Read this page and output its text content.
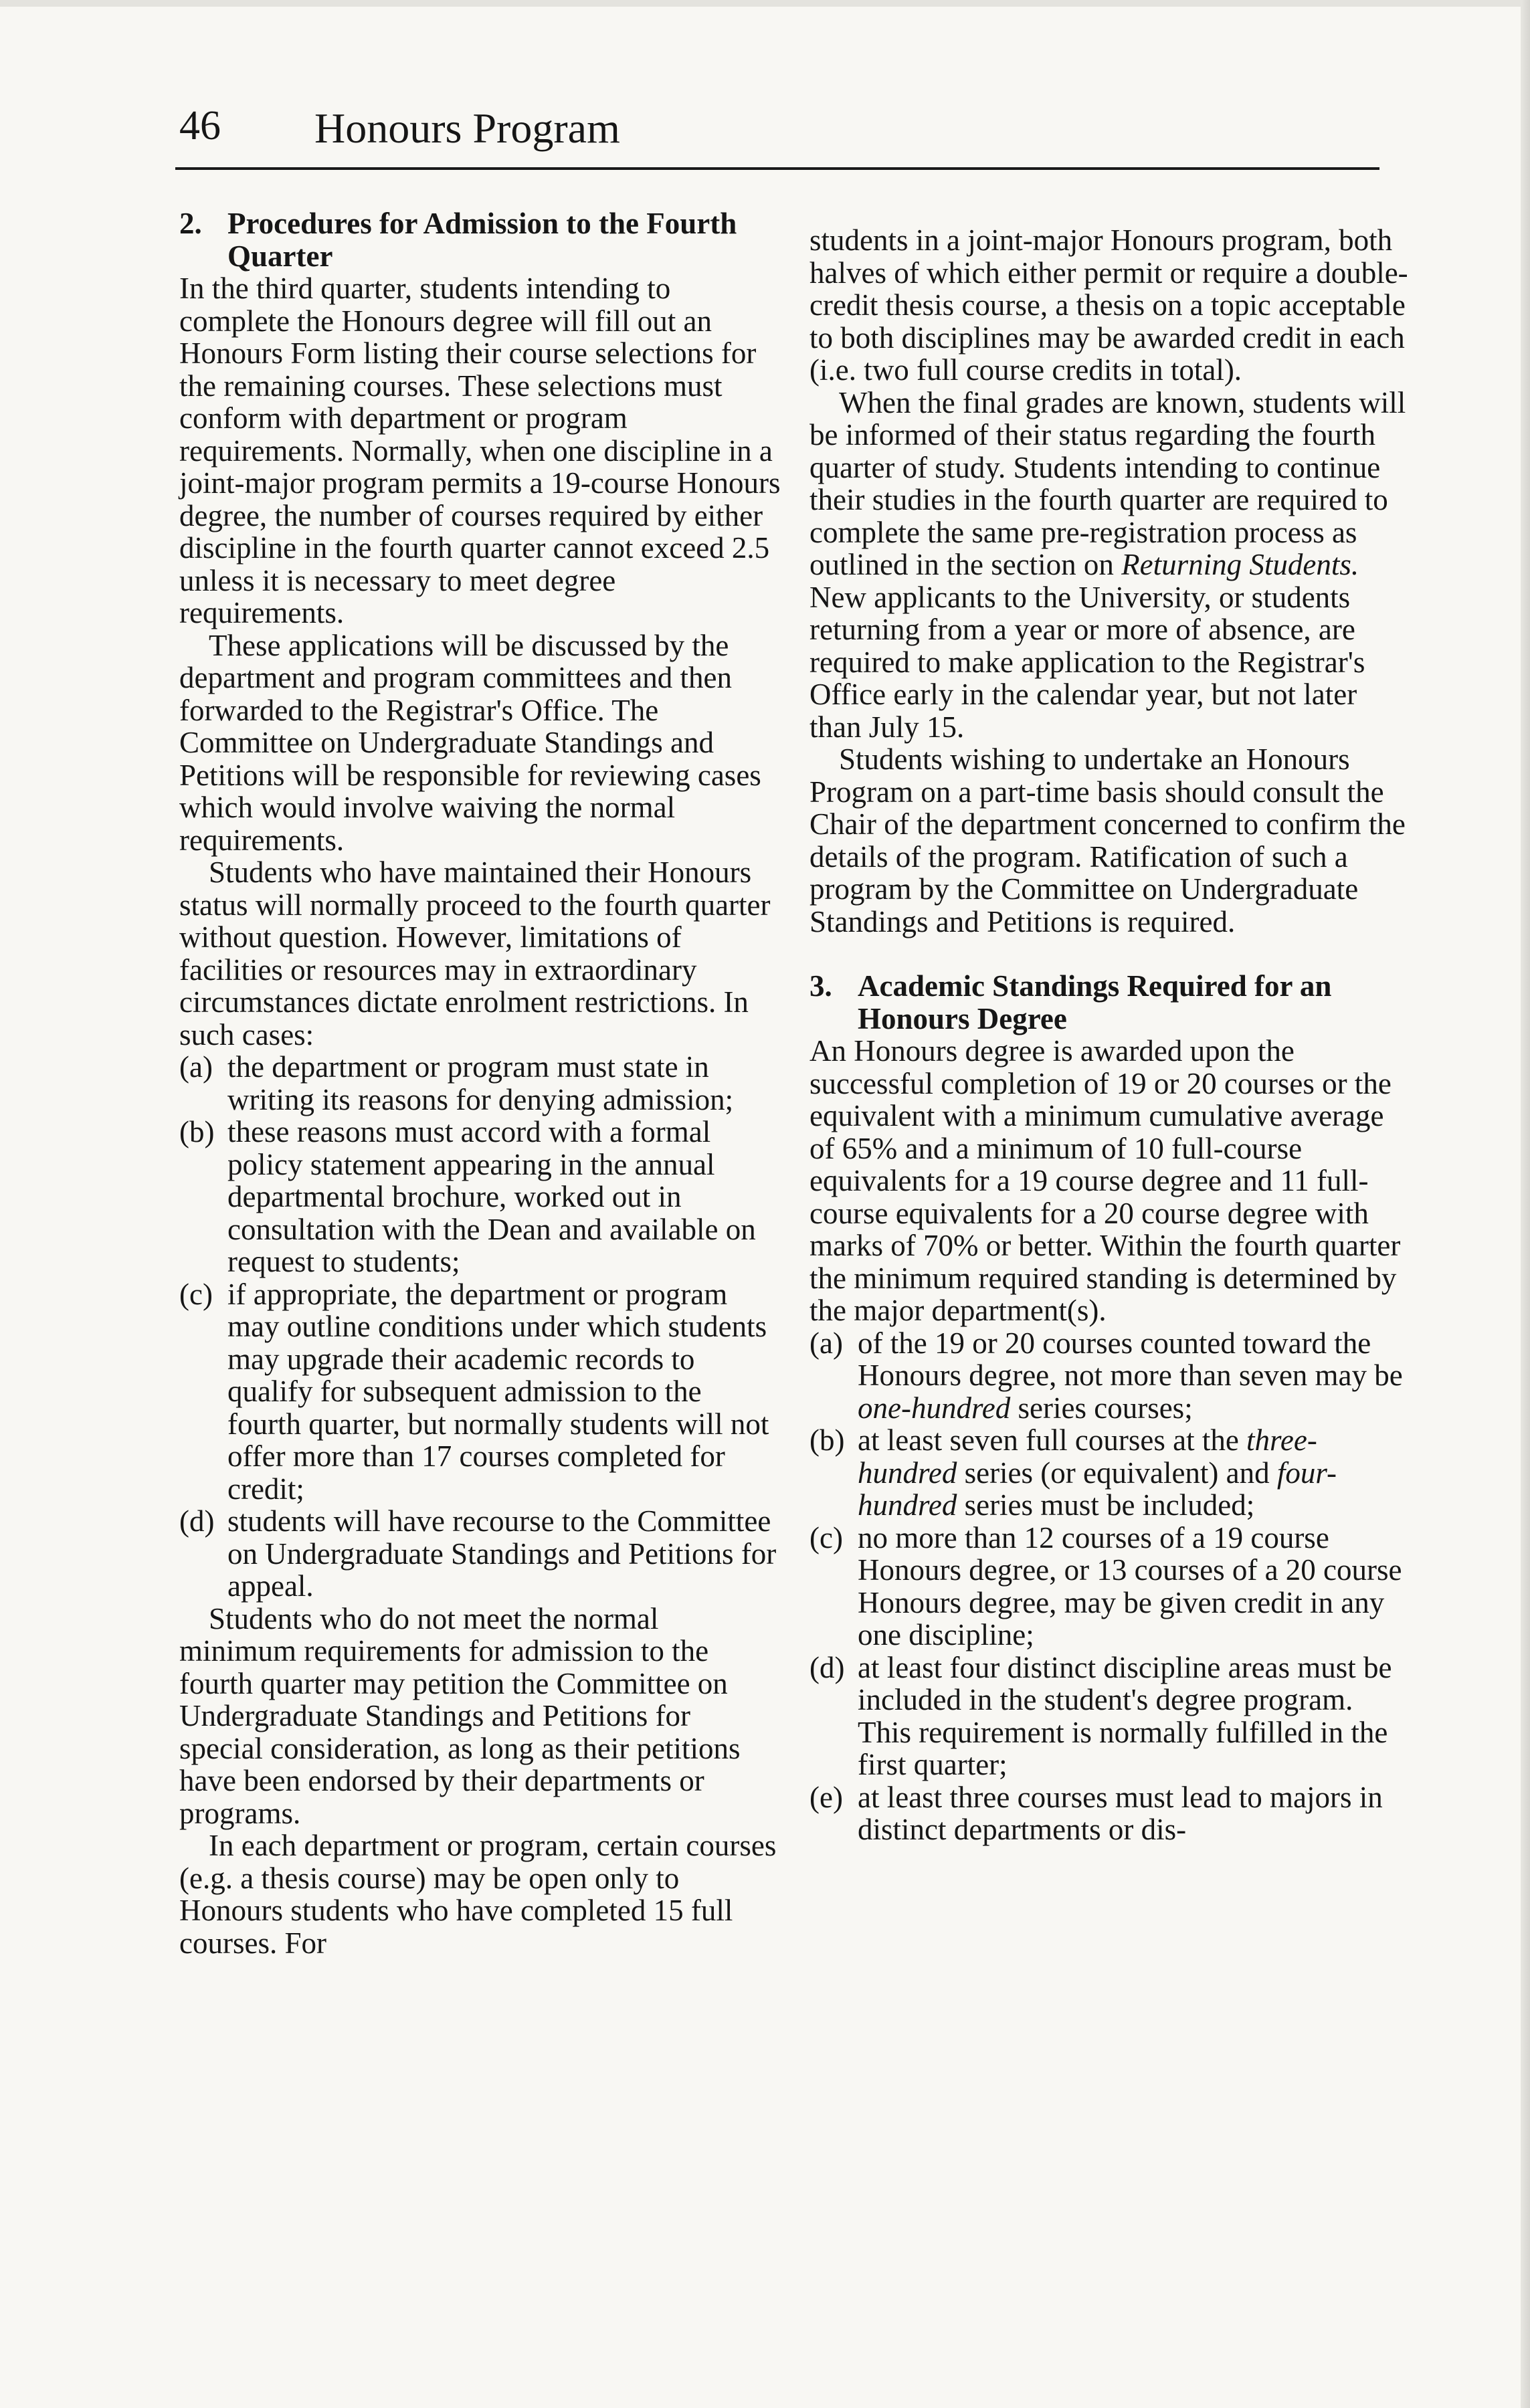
46 Honours Program
2. Procedures for Admission to the Fourth Quarter

In the third quarter, students intending to complete the Honours degree will fill out an Honours Form listing their course selections for the remaining courses. These selections must conform with department or program requirements. Normally, when one discipline in a joint-major program permits a 19-course Honours degree, the number of courses required by either discipline in the fourth quarter cannot exceed 2.5 unless it is necessary to meet degree requirements.

These applications will be discussed by the department and program committees and then forwarded to the Registrar's Office. The Committee on Undergraduate Standings and Petitions will be responsible for reviewing cases which would involve waiving the normal requirements.

Students who have maintained their Honours status will normally proceed to the fourth quarter without question. However, limitations of facilities or resources may in extraordinary circumstances dictate enrolment restrictions. In such cases:

(a) the department or program must state in writing its reasons for denying admission;
(b) these reasons must accord with a formal policy statement appearing in the annual departmental brochure, worked out in consultation with the Dean and available on request to students;
(c) if appropriate, the department or program may outline conditions under which students may upgrade their academic records to qualify for subsequent admission to the fourth quarter, but normally students will not offer more than 17 courses completed for credit;
(d) students will have recourse to the Committee on Undergraduate Standings and Petitions for appeal.

Students who do not meet the normal minimum requirements for admission to the fourth quarter may petition the Committee on Undergraduate Standings and Petitions for special consideration, as long as their petitions have been endorsed by their departments or programs.

In each department or program, certain courses (e.g. a thesis course) may be open only to Honours students who have completed 15 full courses. For

students in a joint-major Honours program, both halves of which either permit or require a double-credit thesis course, a thesis on a topic acceptable to both disciplines may be awarded credit in each (i.e. two full course credits in total).

When the final grades are known, students will be informed of their status regarding the fourth quarter of study. Students intending to continue their studies in the fourth quarter are required to complete the same pre-registration process as outlined in the section on Returning Students. New applicants to the University, or students returning from a year or more of absence, are required to make application to the Registrar's Office early in the calendar year, but not later than July 15.

Students wishing to undertake an Honours Program on a part-time basis should consult the Chair of the department concerned to confirm the details of the program. Ratification of such a program by the Committee on Undergraduate Standings and Petitions is required.

3. Academic Standings Required for an Honours Degree

An Honours degree is awarded upon the successful completion of 19 or 20 courses or the equivalent with a minimum cumulative average of 65% and a minimum of 10 full-course equivalents for a 19 course degree and 11 full-course equivalents for a 20 course degree with marks of 70% or better. Within the fourth quarter the minimum required standing is determined by the major department(s).

(a) of the 19 or 20 courses counted toward the Honours degree, not more than seven may be one-hundred series courses;
(b) at least seven full courses at the three-hundred series (or equivalent) and four-hundred series must be included;
(c) no more than 12 courses of a 19 course Honours degree, or 13 courses of a 20 course Honours degree, may be given credit in any one discipline;
(d) at least four distinct discipline areas must be included in the student's degree program. This requirement is normally fulfilled in the first quarter;
(e) at least three courses must lead to majors in distinct departments or dis-
